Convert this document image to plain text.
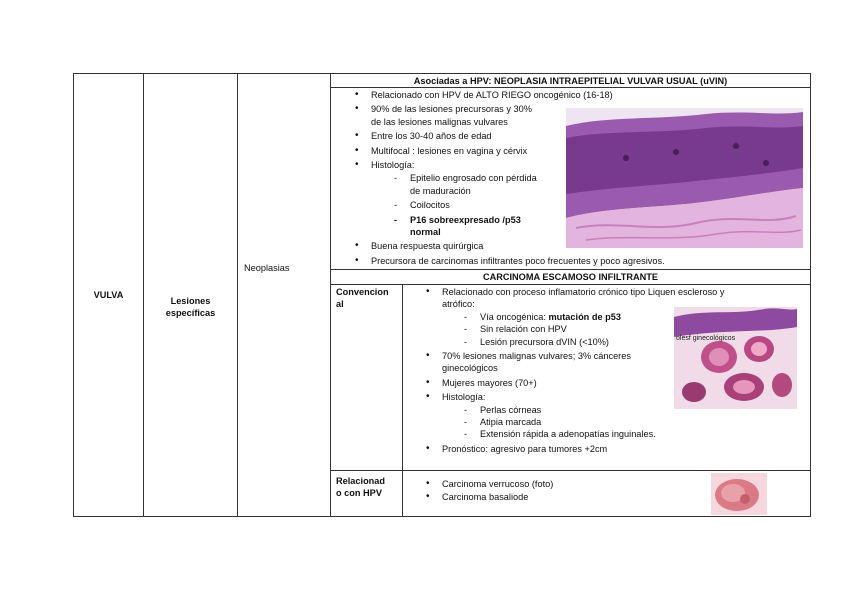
VULVA
Lesiones específicas
Neoplasias
Asociadas a HPV: NEOPLASIA INTRAEPITELIAL VULVAR USUAL (uVIN)
• Relacionado con HPV de ALTO RIEGO oncogénico (16-18)
• 90% de las lesiones precursoras y 30%
de las lesiones malignas vulvares
• Entre los 30-40 años de edad
• Multifocal : lesiones en vagina y cérvix
• Histología:
- Epitelio engrosado con pérdida
de maduración
- Coilocitos
- P16 sobreexpresado /p53
normal
• Buena respuesta quirúrgica
• Precursora de carcinomas infiltrantes poco frecuentes y poco agresivos.
CARCINOMA ESCAMOSO INFILTRANTE
Convencion
al
• Relacionado con proceso inflamatorio crónico tipo Liquen escleroso y
atrófico:
- Vía oncogénica: mutación de p53
- Sin relación con HPV
- Lesión precursora dVIN (<10%)
• 70% lesiones malignas vulvares; 3% cánceres
ginecológicos
• Mujeres mayores (70+)
• Histología:
- Perlas córneas
- Atipia marcada
- Extensión rápida a adenopatías inguinales.
• Pronóstico: agresivo para tumores +2cm
olesf ginecológicos
Relacionad
o con HPV
• Carcinoma verrucoso (foto)
• Carcinoma basaliode
